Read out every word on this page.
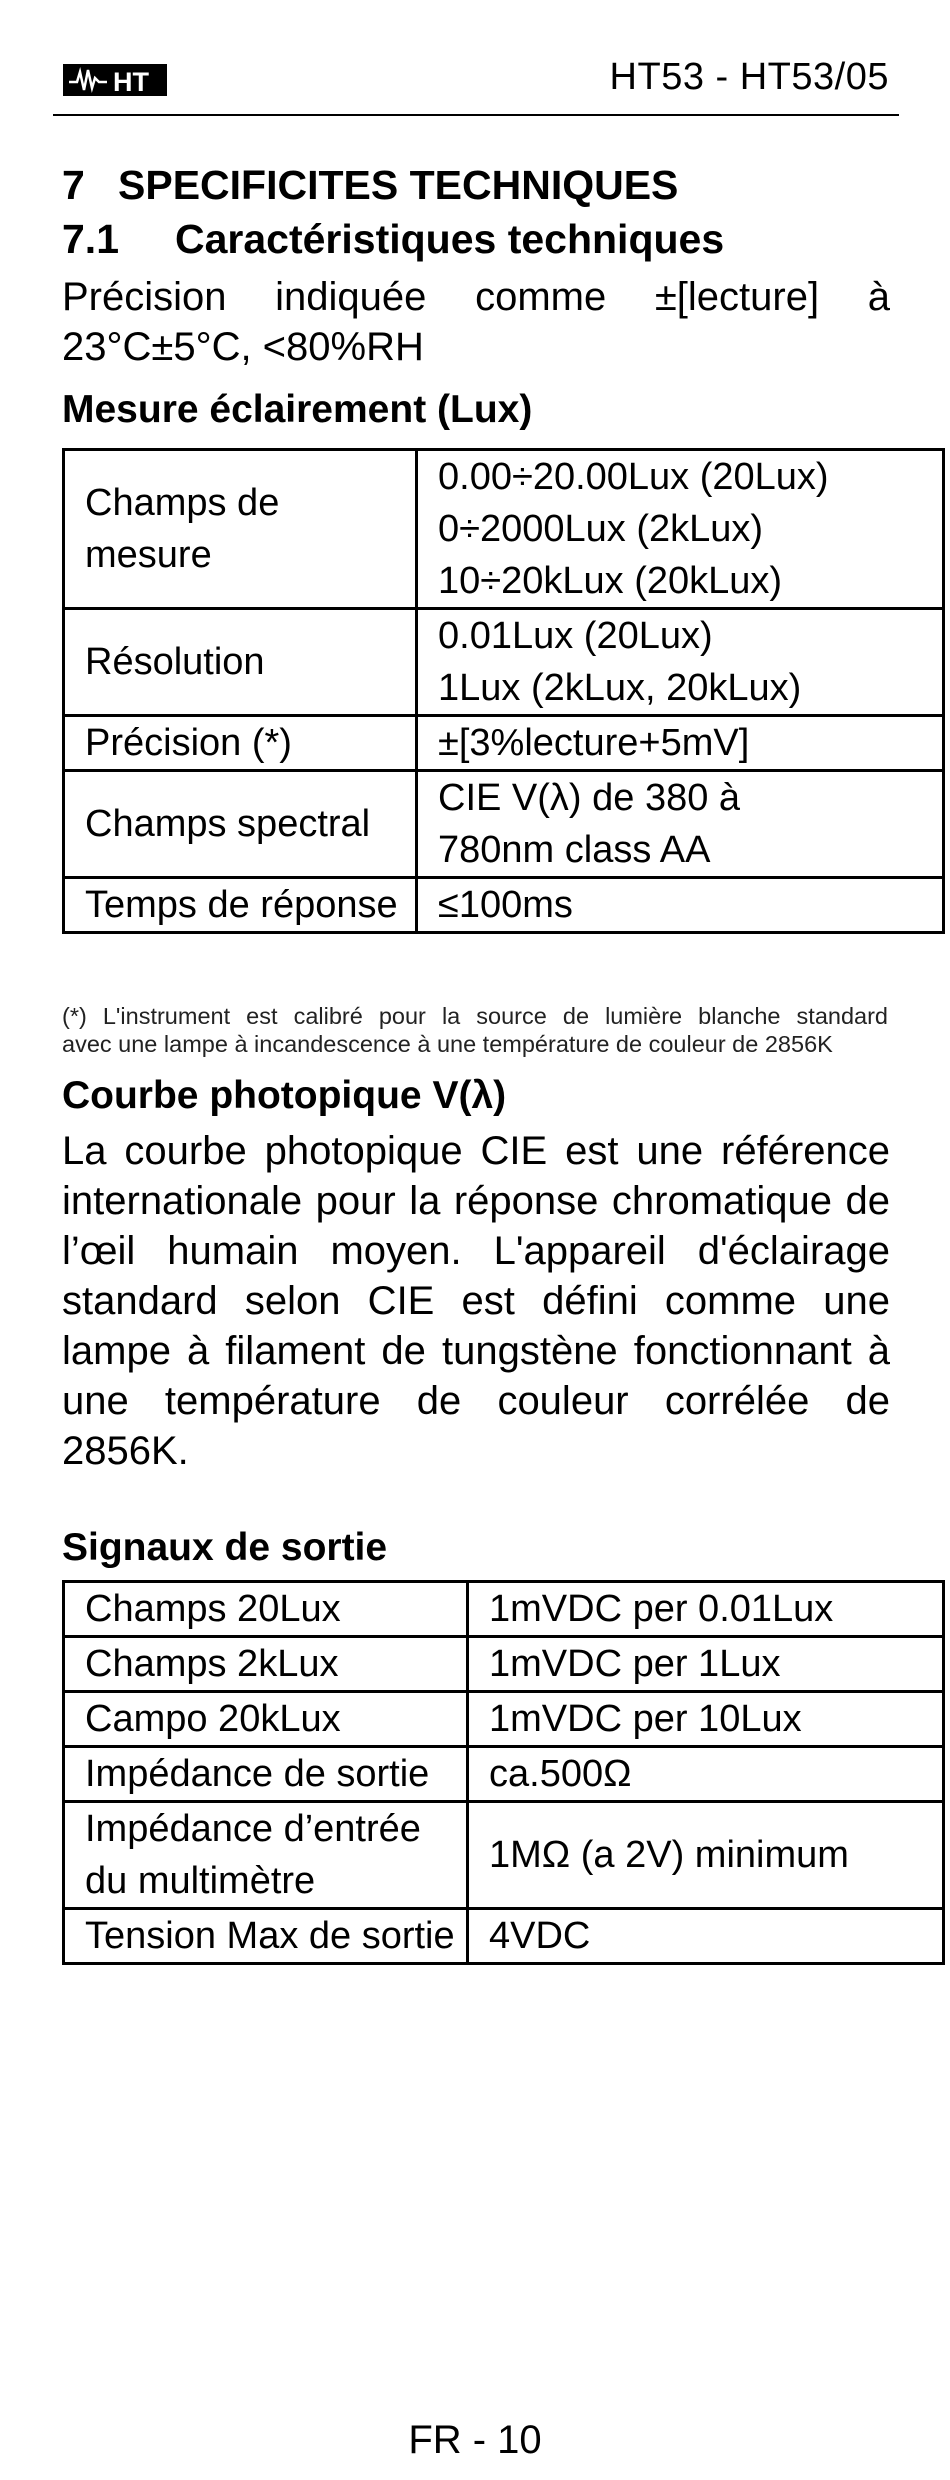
HT ®	HT53 - HT53/05
7 SPECIFICITES TECHNIQUES
7.1 Caractéristiques techniques
Précision indiquée comme ±[lecture] à 23°C±5°C, <80%RH
Mesure éclairement (Lux)
Champs de mesure	0.00÷20.00Lux (20Lux)
0÷2000Lux (2kLux)
10÷20kLux (20kLux)

Résolution	0.01Lux (20Lux)
1Lux (2kLux, 20kLux)

Précision (*)	±[3%lecture+5mV]

Champs spectral	CIE V(λ) de 380 à
780nm class AA

Temps de réponse	≤100ms
(*) L'instrument est calibré pour la source de lumière blanche standard
avec une lampe à incandescence à une température de couleur de 2856K
Courbe photopique V(λ)
La courbe photopique CIE est une référence internationale pour la réponse chromatique de l’œil humain moyen. L'appareil d'éclairage standard selon CIE est défini comme une lampe à filament de tungstène fonctionnant à une température de couleur corrélée de 2856K.
Signaux de sortie
Champs 20Lux	1mVDC per 0.01Lux
Champs 2kLux	1mVDC per 1Lux
Campo 20kLux	1mVDC per 10Lux
Impédance de sortie	ca.500Ω
Impédance d’entrée du multimètre	1MΩ (a 2V) minimum
Tension Max de sortie	4VDC
FR - 10
